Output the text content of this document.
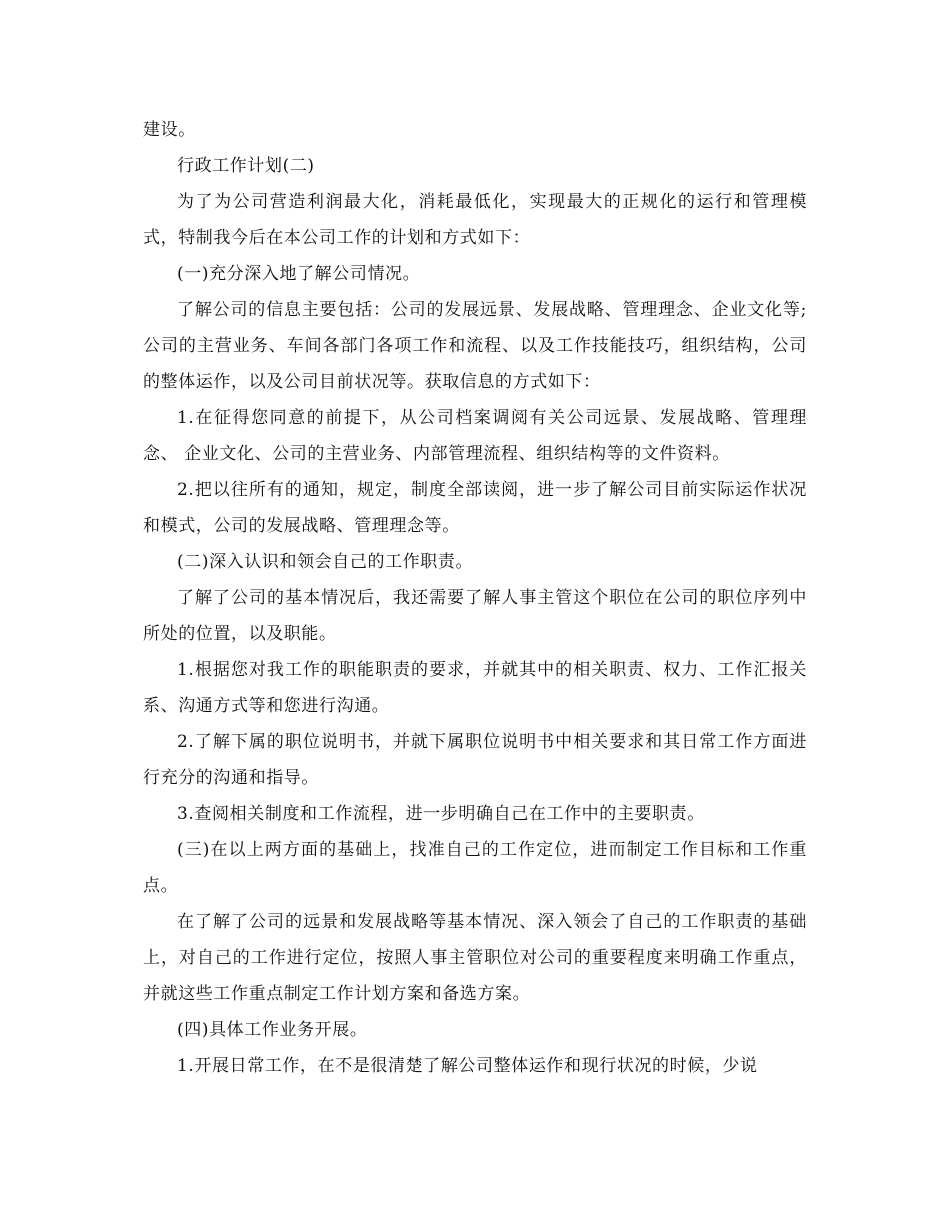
建设。

行政工作计划(二)

为了为公司营造利润最大化，消耗最低化，实现最大的正规化的运行和管理模式，特制我今后在本公司工作的计划和方式如下：

(一)充分深入地了解公司情况。

了解公司的信息主要包括：公司的发展远景、发展战略、管理理念、企业文化等;公司的主营业务、车间各部门各项工作和流程、以及工作技能技巧，组织结构，公司的整体运作，以及公司目前状况等。获取信息的方式如下：

1.在征得您同意的前提下，从公司档案调阅有关公司远景、发展战略、管理理念、 企业文化、公司的主营业务、内部管理流程、组织结构等的文件资料。

2.把以往所有的通知，规定，制度全部读阅，进一步了解公司目前实际运作状况和模式，公司的发展战略、管理理念等。

(二)深入认识和领会自己的工作职责。

了解了公司的基本情况后，我还需要了解人事主管这个职位在公司的职位序列中所处的位置，以及职能。

1.根据您对我工作的职能职责的要求，并就其中的相关职责、权力、工作汇报关系、沟通方式等和您进行沟通。

2.了解下属的职位说明书，并就下属职位说明书中相关要求和其日常工作方面进行充分的沟通和指导。

3.查阅相关制度和工作流程，进一步明确自己在工作中的主要职责。

(三)在以上两方面的基础上，找准自己的工作定位，进而制定工作目标和工作重点。

在了解了公司的远景和发展战略等基本情况、深入领会了自己的工作职责的基础上，对自己的工作进行定位，按照人事主管职位对公司的重要程度来明确工作重点，并就这些工作重点制定工作计划方案和备选方案。

(四)具体工作业务开展。

1.开展日常工作，在不是很清楚了解公司整体运作和现行状况的时候，少说
